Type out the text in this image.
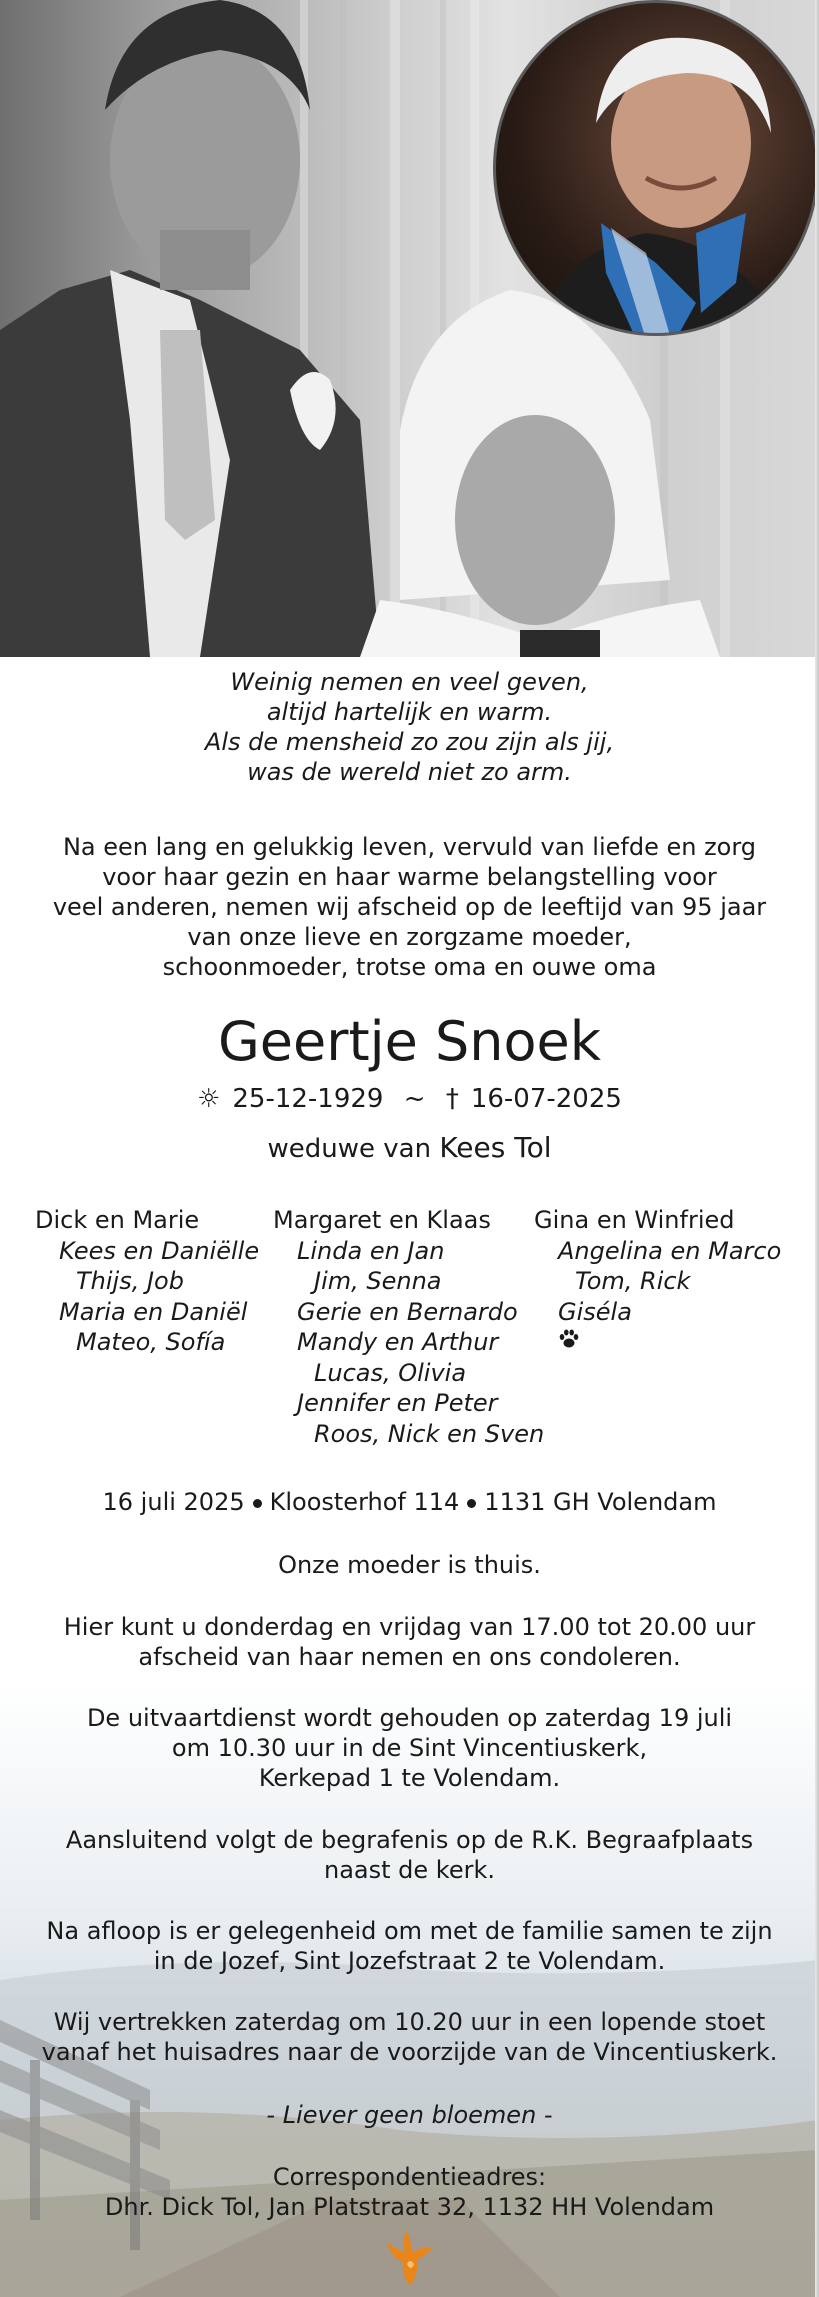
Weinig nemen en veel geven,
altijd hartelijk en warm.
Als de mensheid zo zou zijn als jij,
was de wereld niet zo arm.
Na een lang en gelukkig leven, vervuld van liefde en zorg
voor haar gezin en haar warme belangstelling voor
veel anderen, nemen wij afscheid op de leeftijd van 95 jaar
van onze lieve en zorgzame moeder,
schoonmoeder, trotse oma en ouwe oma
Geertje Snoek
☼ 25-12-1929 ~ † 16-07-2025
weduwe van Kees Tol
Dick en Marie
Kees en Daniëlle
Thijs, Job
Maria en Daniël
Mateo, Sofía
Margaret en Klaas
Linda en Jan
Jim, Senna
Gerie en Bernardo
Mandy en Arthur
Lucas, Olivia
Jennifer en Peter
Roos, Nick en Sven
Gina en Winfried
Angelina en Marco
Tom, Rick
Giséla
16 juli 2025 Kloosterhof 114 1131 GH Volendam
Onze moeder is thuis.
Hier kunt u donderdag en vrijdag van 17.00 tot 20.00 uur
afscheid van haar nemen en ons condoleren.
De uitvaartdienst wordt gehouden op zaterdag 19 juli
om 10.30 uur in de Sint Vincentiuskerk,
Kerkepad 1 te Volendam.
Aansluitend volgt de begrafenis op de R.K. Begraafplaats
naast de kerk.
Na afloop is er gelegenheid om met de familie samen te zijn
in de Jozef, Sint Jozefstraat 2 te Volendam.
Wij vertrekken zaterdag om 10.20 uur in een lopende stoet
vanaf het huisadres naar de voorzijde van de Vincentiuskerk.
- Liever geen bloemen -
Correspondentieadres:
Dhr. Dick Tol, Jan Platstraat 32, 1132 HH Volendam
